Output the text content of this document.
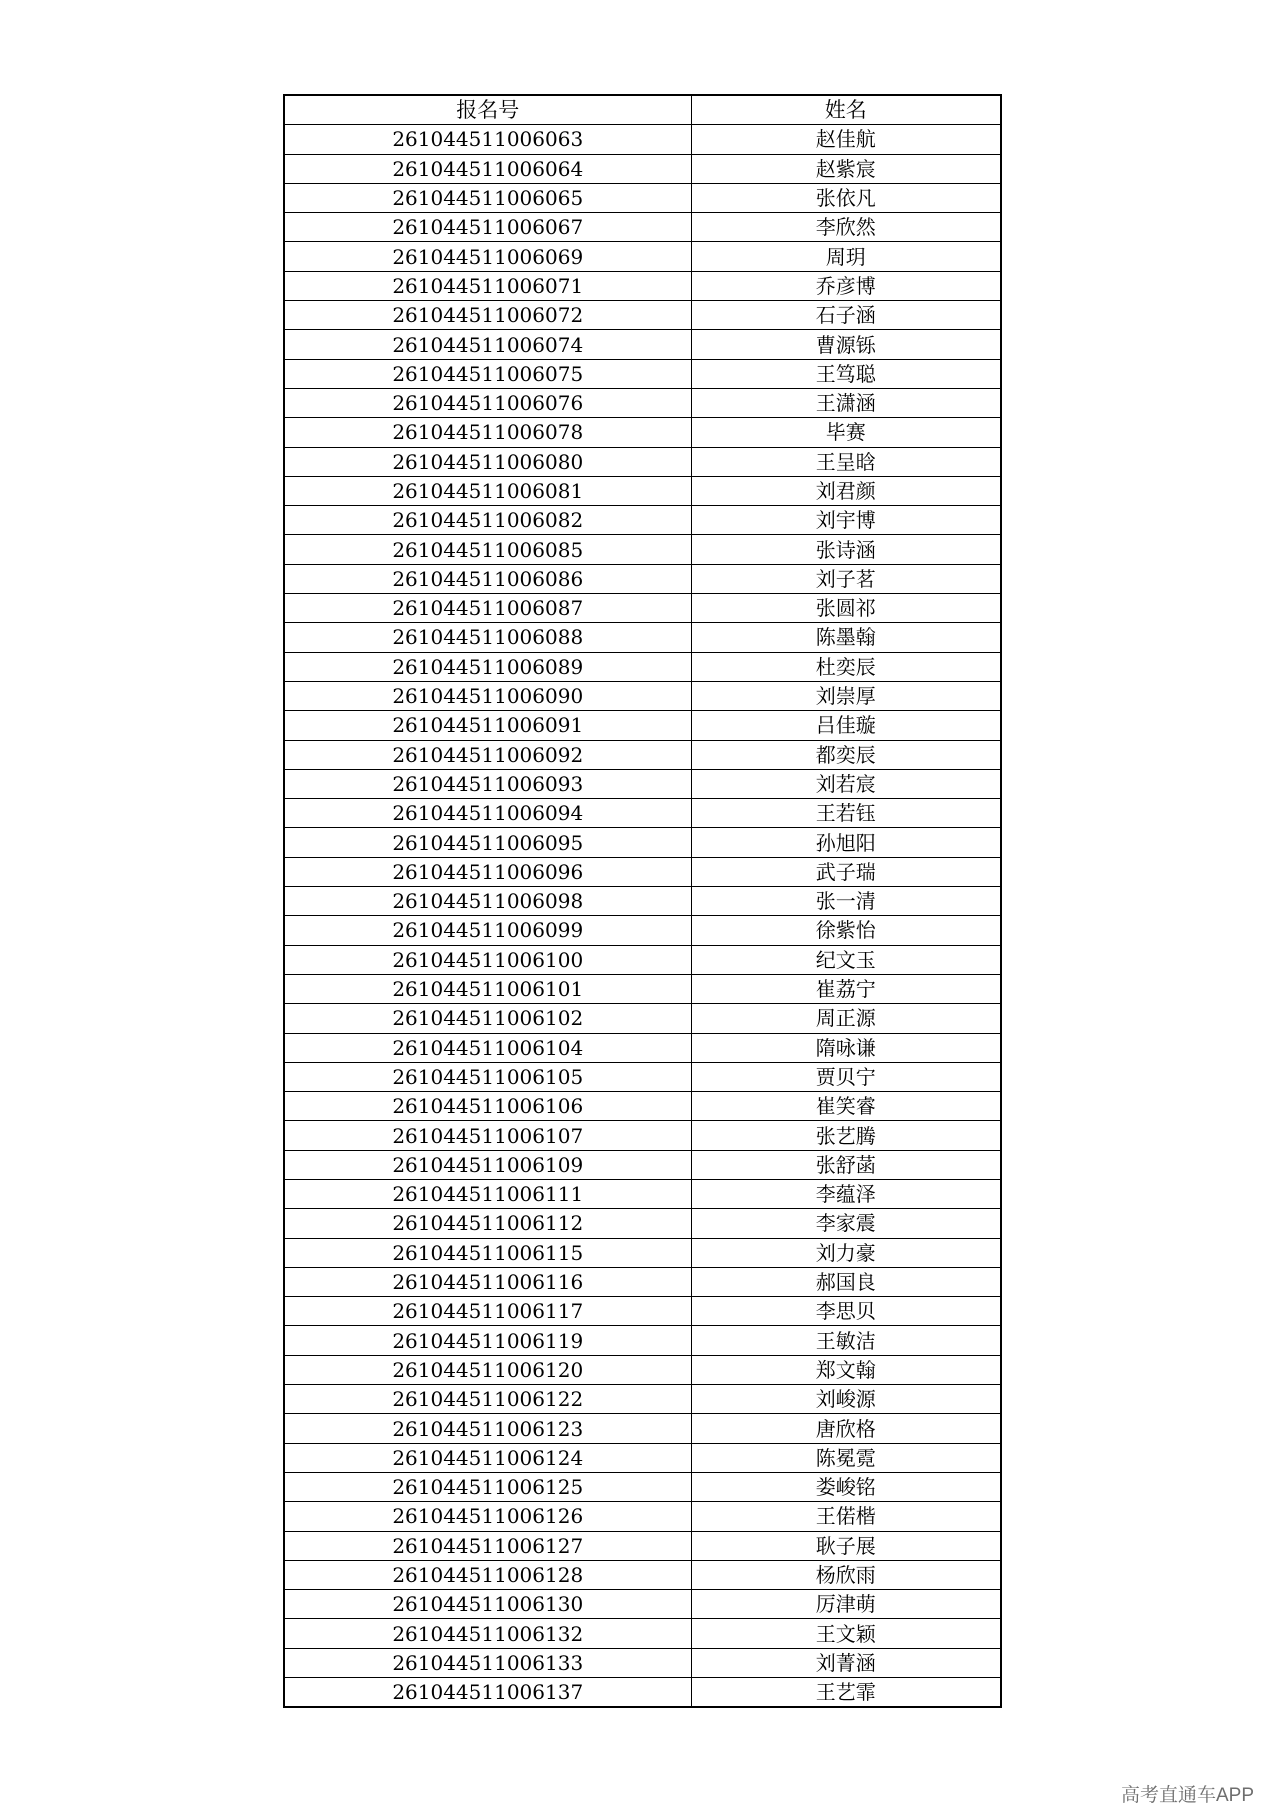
报名号	姓名
261044511006063	赵佳航
261044511006064	赵紫宸
261044511006065	张依凡
261044511006067	李欣然
261044511006069	周玥
261044511006071	乔彦博
261044511006072	石子涵
261044511006074	曹源铄
261044511006075	王笃聪
261044511006076	王潇涵
261044511006078	毕赛
261044511006080	王呈晗
261044511006081	刘君颜
261044511006082	刘宇博
261044511006085	张诗涵
261044511006086	刘子茗
261044511006087	张圆祁
261044511006088	陈墨翰
261044511006089	杜奕辰
261044511006090	刘崇厚
261044511006091	吕佳璇
261044511006092	都奕辰
261044511006093	刘若宸
261044511006094	王若钰
261044511006095	孙旭阳
261044511006096	武子瑞
261044511006098	张一清
261044511006099	徐紫怡
261044511006100	纪文玉
261044511006101	崔荔宁
261044511006102	周正源
261044511006104	隋咏谦
261044511006105	贾贝宁
261044511006106	崔笑睿
261044511006107	张艺腾
261044511006109	张舒菡
261044511006111	李蕴泽
261044511006112	李家震
261044511006115	刘力豪
261044511006116	郝国良
261044511006117	李思贝
261044511006119	王敏洁
261044511006120	郑文翰
261044511006122	刘峻源
261044511006123	唐欣格
261044511006124	陈冕霓
261044511006125	娄峻铭
261044511006126	王偌楷
261044511006127	耿子展
261044511006128	杨欣雨
261044511006130	厉津萌
261044511006132	王文颖
261044511006133	刘菁涵
261044511006137	王艺霏
高考直通车APP
